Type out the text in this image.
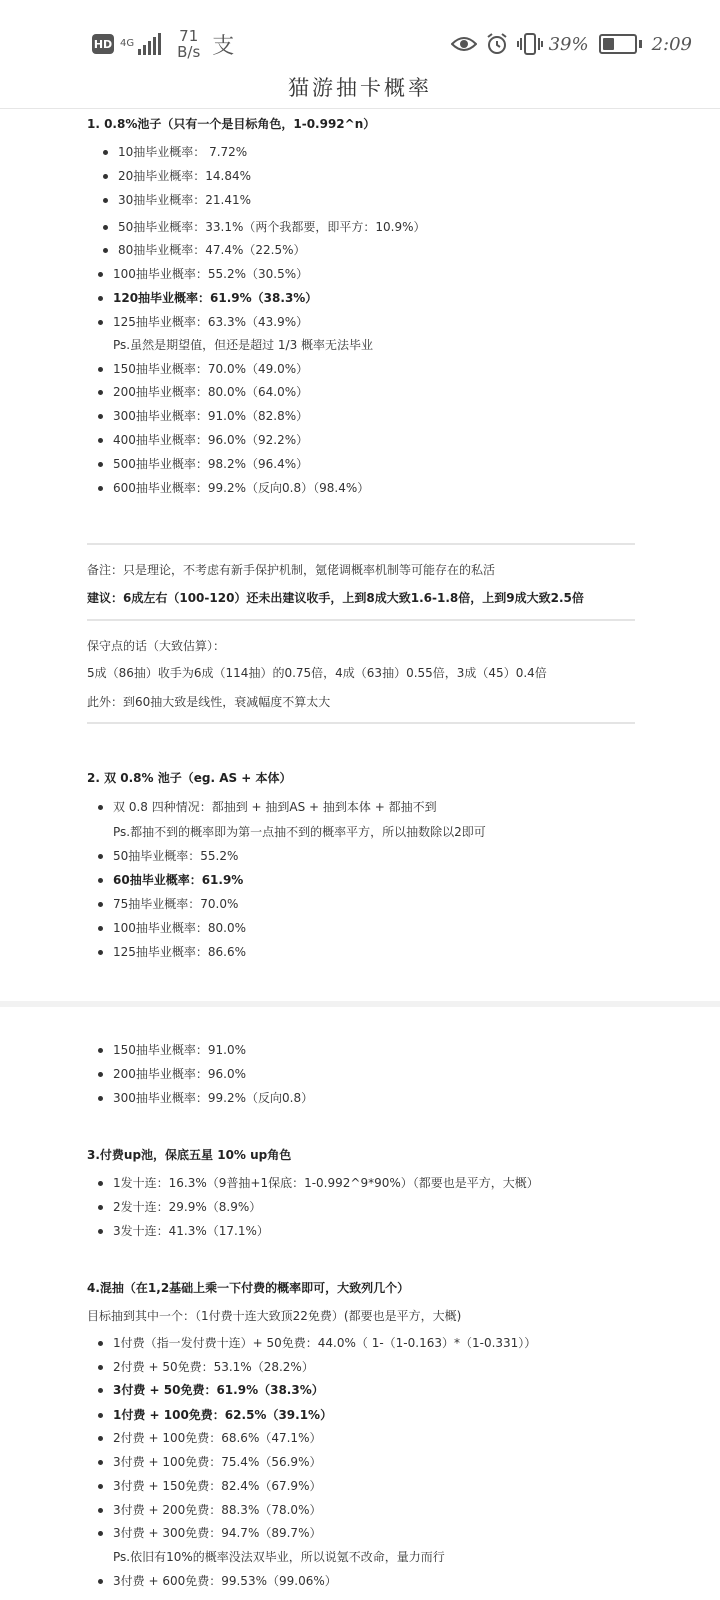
HD 4G	71
B/s 支	39%	2:09
猫游抽卡概率
1. 0.8%池子（只有一个是目标角色，1-0.992^n）
10抽毕业概率： 7.72%
20抽毕业概率：14.84%
30抽毕业概率：21.41%
50抽毕业概率：33.1%（两个我都要，即平方：10.9%）
80抽毕业概率：47.4%（22.5%）
100抽毕业概率：55.2%（30.5%）
120抽毕业概率：61.9%（38.3%）
125抽毕业概率：63.3%（43.9%）
Ps.虽然是期望值，但还是超过 1/3 概率无法毕业
150抽毕业概率：70.0%（49.0%）
200抽毕业概率：80.0%（64.0%）
300抽毕业概率：91.0%（82.8%）
400抽毕业概率：96.0%（92.2%）
500抽毕业概率：98.2%（96.4%）
600抽毕业概率：99.2%（反向0.8）（98.4%）
备注：只是理论，不考虑有新手保护机制，氪佬调概率机制等可能存在的私活
建议：6成左右（100-120）还未出建议收手，上到8成大致1.6-1.8倍，上到9成大致2.5倍
保守点的话（大致估算）：
5成（86抽）收手为6成（114抽）的0.75倍，4成（63抽）0.55倍，3成（45）0.4倍
此外：到60抽大致是线性，衰减幅度不算太大
2. 双 0.8% 池子（eg. AS + 本体）
双 0.8 四种情况：都抽到 + 抽到AS + 抽到本体 + 都抽不到
Ps.都抽不到的概率即为第一点抽不到的概率平方，所以抽数除以2即可
50抽毕业概率：55.2%
60抽毕业概率：61.9%
75抽毕业概率：70.0%
100抽毕业概率：80.0%
125抽毕业概率：86.6%
150抽毕业概率：91.0%
200抽毕业概率：96.0%
300抽毕业概率：99.2%（反向0.8）
3.付费up池，保底五星 10% up角色
1发十连：16.3%（9普抽+1保底：1-0.992^9*90%）（都要也是平方，大概）
2发十连：29.9%（8.9%）
3发十连：41.3%（17.1%）
4.混抽（在1,2基础上乘一下付费的概率即可，大致列几个）
目标抽到其中一个：（1付费十连大致顶22免费）(都要也是平方，大概)
1付费（指一发付费十连）+ 50免费：44.0%（ 1-（1-0.163）*（1-0.331））
2付费 + 50免费：53.1%（28.2%）
3付费 + 50免费：61.9%（38.3%）
1付费 + 100免费：62.5%（39.1%）
2付费 + 100免费：68.6%（47.1%）
3付费 + 100免费：75.4%（56.9%）
3付费 + 150免费：82.4%（67.9%）
3付费 + 200免费：88.3%（78.0%）
3付费 + 300免费：94.7%（89.7%）
Ps.依旧有10%的概率没法双毕业，所以说氪不改命，量力而行
3付费 + 600免费：99.53%（99.06%）
